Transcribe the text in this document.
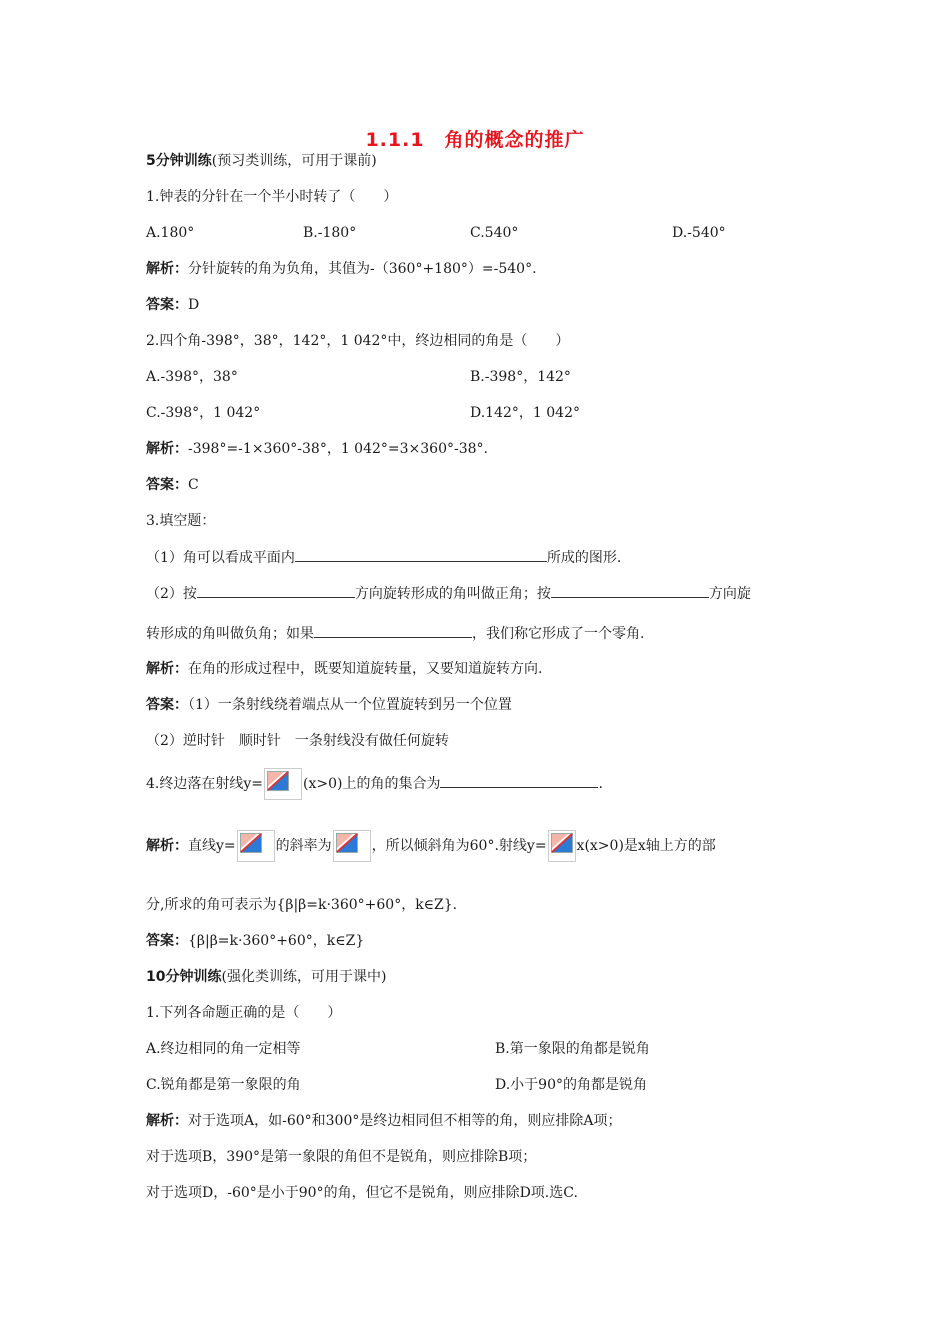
1.1.1　角的概念的推广
5分钟训练(预习类训练，可用于课前)
1.钟表的分针在一个半小时转了（　　）
A.180°	B.-180°	C.540°	D.-540°
解析：分针旋转的角为负角，其值为-（360°+180°）=-540°.
答案：D
2.四个角-398°，38°，142°，1 042°中，终边相同的角是（　　）
A.-398°，38°	B.-398°，142°
C.-398°，1 042°	D.142°，1 042°
解析：-398°=-1×360°-38°，1 042°=3×360°-38°.
答案：C
3.填空题：
（1）角可以看成平面内	所成的图形.
（2）按	方向旋转形成的角叫做正角；按	方向旋
转形成的角叫做负角；如果	，我们称它形成了一个零角.
解析：在角的形成过程中，既要知道旋转量，又要知道旋转方向.
答案：（1）一条射线绕着端点从一个位置旋转到另一个位置
（2）逆时针　顺时针　一条射线没有做任何旋转
4.终边落在射线y=	(x>0)上的角的集合为	.
解析：直线y=	的斜率为	，所以倾斜角为60°.射线y= x(x>0)是x轴上方的部
分,所求的角可表示为{β|β=k·360°+60°，k∈Z}.
答案：{β|β=k·360°+60°，k∈Z}
10分钟训练(强化类训练，可用于课中)
1.下列各命题正确的是（　　）
A.终边相同的角一定相等	B.第一象限的角都是锐角
C.锐角都是第一象限的角	D.小于90°的角都是锐角
解析：对于选项A，如-60°和300°是终边相同但不相等的角，则应排除A项；
对于选项B，390°是第一象限的角但不是锐角，则应排除B项；
对于选项D，-60°是小于90°的角，但它不是锐角，则应排除D项.选C.
